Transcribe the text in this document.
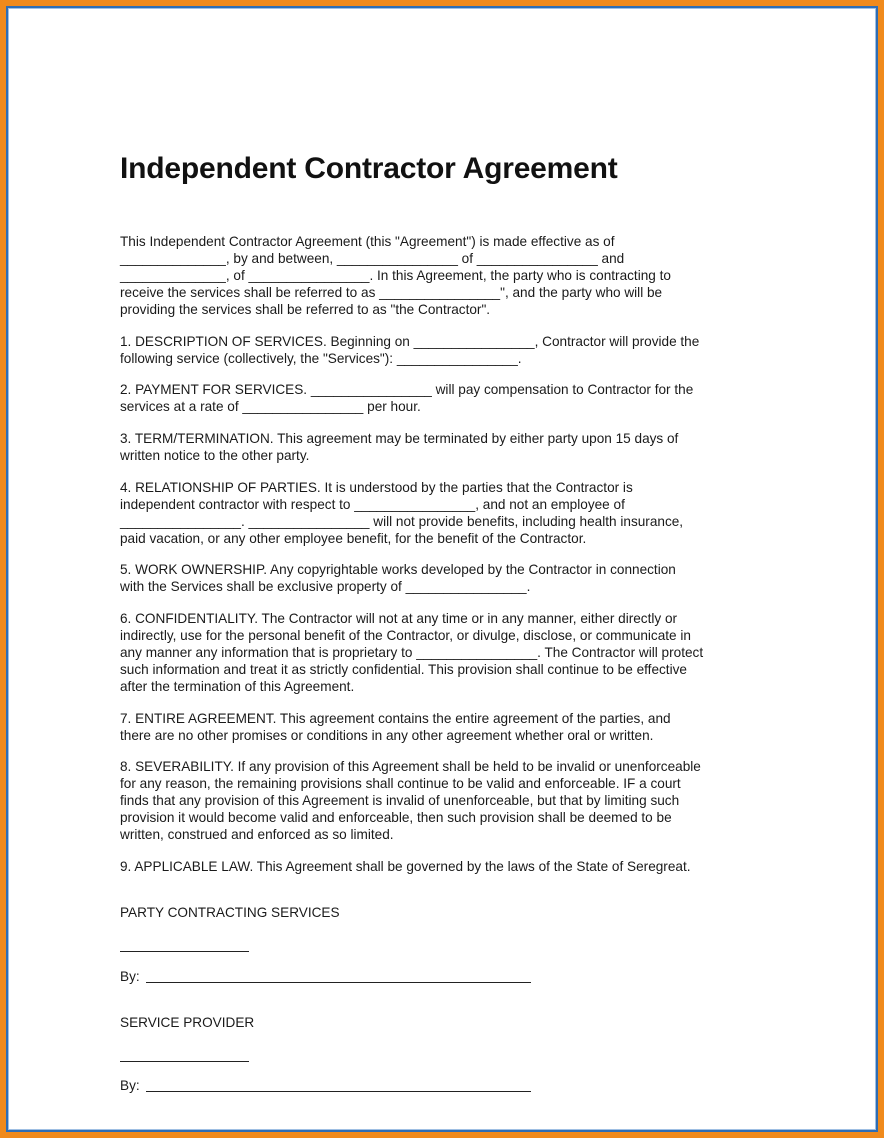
Independent Contractor Agreement
This Independent Contractor Agreement (this "Agreement") is made effective as of
______________, by and between, ________________ of ________________ and
______________, of ________________. In this Agreement, the party who is contracting to
receive the services shall be referred to as ________________", and the party who will be
providing the services shall be referred to as "the Contractor".
1. DESCRIPTION OF SERVICES. Beginning on ________________, Contractor will provide the
following service (collectively, the "Services"): ________________.
2. PAYMENT FOR SERVICES. ________________ will pay compensation to Contractor for the
services at a rate of ________________ per hour.
3. TERM/TERMINATION. This agreement may be terminated by either party upon 15 days of
written notice to the other party.
4. RELATIONSHIP OF PARTIES. It is understood by the parties that the Contractor is
independent contractor with respect to ________________, and not an employee of
________________. ________________ will not provide benefits, including health insurance,
paid vacation, or any other employee benefit, for the benefit of the Contractor.
5. WORK OWNERSHIP. Any copyrightable works developed by the Contractor in connection
with the Services shall be exclusive property of ________________.
6. CONFIDENTIALITY. The Contractor will not at any time or in any manner, either directly or
indirectly, use for the personal benefit of the Contractor, or divulge, disclose, or communicate in
any manner any information that is proprietary to ________________. The Contractor will protect
such information and treat it as strictly confidential. This provision shall continue to be effective
after the termination of this Agreement.
7. ENTIRE AGREEMENT. This agreement contains the entire agreement of the parties, and
there are no other promises or conditions in any other agreement whether oral or written.
8. SEVERABILITY. If any provision of this Agreement shall be held to be invalid or unenforceable
for any reason, the remaining provisions shall continue to be valid and enforceable. IF a court
finds that any provision of this Agreement is invalid of unenforceable, but that by limiting such
provision it would become valid and enforceable, then such provision shall be deemed to be
written, construed and enforced as so limited.
9. APPLICABLE LAW. This Agreement shall be governed by the laws of the State of Seregreat.
PARTY CONTRACTING SERVICES
By:
SERVICE PROVIDER
By:
